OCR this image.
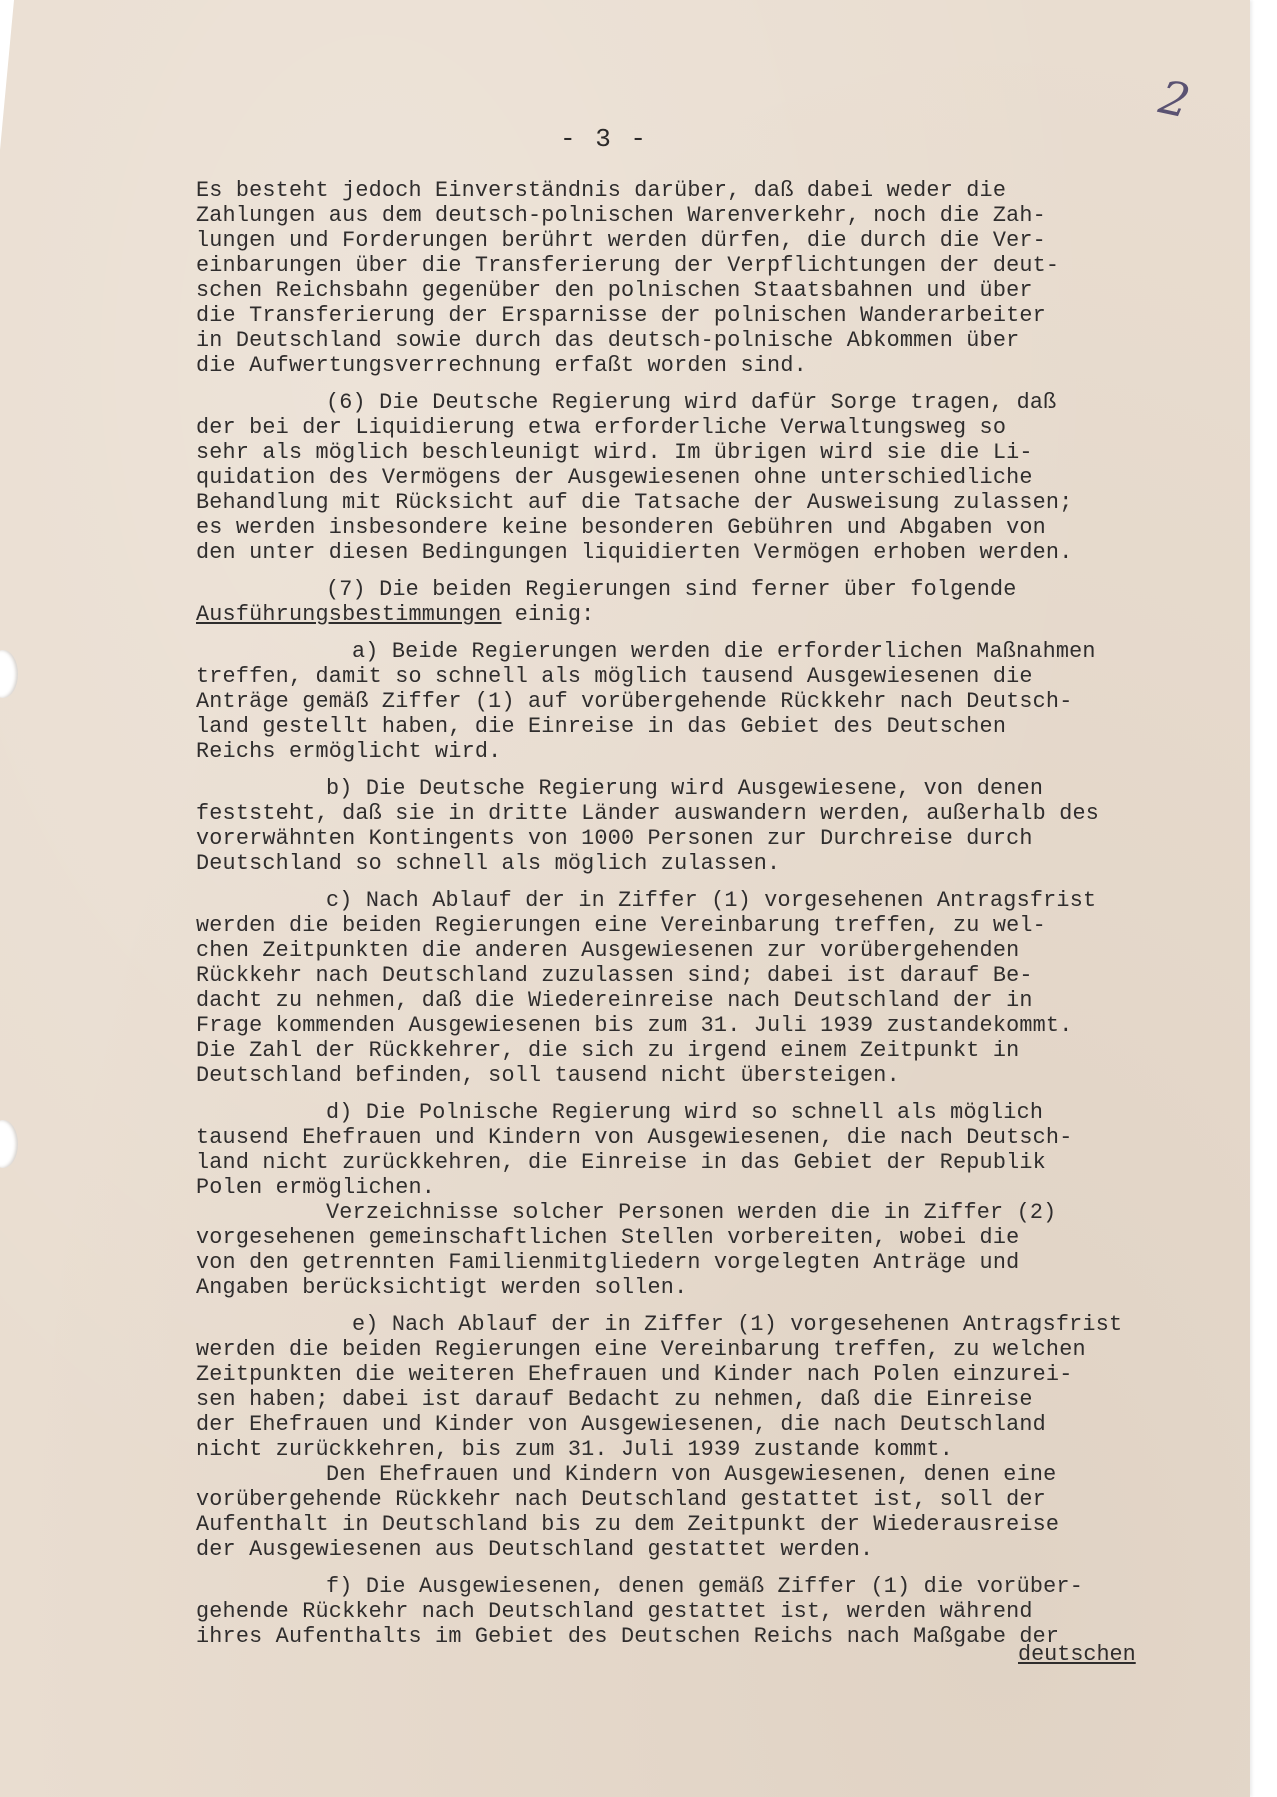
2
- 3 -
Es besteht jedoch Einverständnis darüber, daß dabei weder die
Zahlungen aus dem deutsch-polnischen Warenverkehr, noch die Zah-
lungen und Forderungen berührt werden dürfen, die durch die Ver-
einbarungen über die Transferierung der Verpflichtungen der deut-
schen Reichsbahn gegenüber den polnischen Staatsbahnen und über
die Transferierung der Ersparnisse der polnischen Wanderarbeiter
in Deutschland sowie durch das deutsch-polnische Abkommen über
die Aufwertungsverrechnung erfaßt worden sind.
(6) Die Deutsche Regierung wird dafür Sorge tragen, daß
der bei der Liquidierung etwa erforderliche Verwaltungsweg so
sehr als möglich beschleunigt wird. Im übrigen wird sie die Li-
quidation des Vermögens der Ausgewiesenen ohne unterschiedliche
Behandlung mit Rücksicht auf die Tatsache der Ausweisung zulassen;
es werden insbesondere keine besonderen Gebühren und Abgaben von
den unter diesen Bedingungen liquidierten Vermögen erhoben werden.
(7) Die beiden Regierungen sind ferner über folgende
Ausführungsbestimmungen einig:
a) Beide Regierungen werden die erforderlichen Maßnahmen
treffen, damit so schnell als möglich tausend Ausgewiesenen die
Anträge gemäß Ziffer (1) auf vorübergehende Rückkehr nach Deutsch-
land gestellt haben, die Einreise in das Gebiet des Deutschen
Reichs ermöglicht wird.
b) Die Deutsche Regierung wird Ausgewiesene, von denen
feststeht, daß sie in dritte Länder auswandern werden, außerhalb des
vorerwähnten Kontingents von 1000 Personen zur Durchreise durch
Deutschland so schnell als möglich zulassen.
c) Nach Ablauf der in Ziffer (1) vorgesehenen Antragsfrist
werden die beiden Regierungen eine Vereinbarung treffen, zu wel-
chen Zeitpunkten die anderen Ausgewiesenen zur vorübergehenden
Rückkehr nach Deutschland zuzulassen sind; dabei ist darauf Be-
dacht zu nehmen, daß die Wiedereinreise nach Deutschland der in
Frage kommenden Ausgewiesenen bis zum 31. Juli 1939 zustandekommt.
Die Zahl der Rückkehrer, die sich zu irgend einem Zeitpunkt in
Deutschland befinden, soll tausend nicht übersteigen.
d) Die Polnische Regierung wird so schnell als möglich
tausend Ehefrauen und Kindern von Ausgewiesenen, die nach Deutsch-
land nicht zurückkehren, die Einreise in das Gebiet der Republik
Polen ermöglichen.
Verzeichnisse solcher Personen werden die in Ziffer (2)
vorgesehenen gemeinschaftlichen Stellen vorbereiten, wobei die
von den getrennten Familienmitgliedern vorgelegten Anträge und
Angaben berücksichtigt werden sollen.
e) Nach Ablauf der in Ziffer (1) vorgesehenen Antragsfrist
werden die beiden Regierungen eine Vereinbarung treffen, zu welchen
Zeitpunkten die weiteren Ehefrauen und Kinder nach Polen einzurei-
sen haben; dabei ist darauf Bedacht zu nehmen, daß die Einreise
der Ehefrauen und Kinder von Ausgewiesenen, die nach Deutschland
nicht zurückkehren, bis zum 31. Juli 1939 zustande kommt.
Den Ehefrauen und Kindern von Ausgewiesenen, denen eine
vorübergehende Rückkehr nach Deutschland gestattet ist, soll der
Aufenthalt in Deutschland bis zu dem Zeitpunkt der Wiederausreise
der Ausgewiesenen aus Deutschland gestattet werden.
f) Die Ausgewiesenen, denen gemäß Ziffer (1) die vorüber-
gehende Rückkehr nach Deutschland gestattet ist, werden während
ihres Aufenthalts im Gebiet des Deutschen Reichs nach Maßgabe der
deutschen
